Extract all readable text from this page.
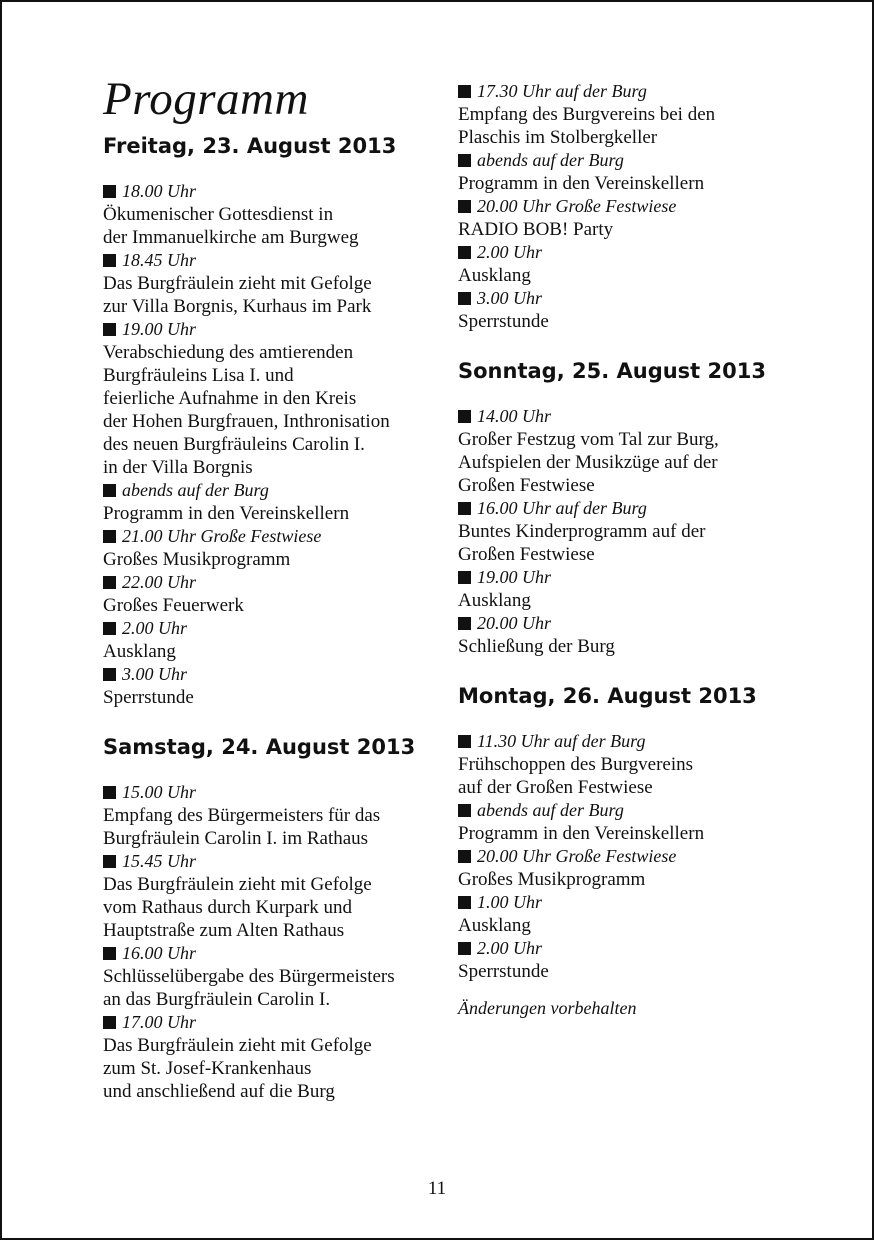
Programm
Freitag, 23. August 2013
18.00 Uhr
Ökumenischer Gottesdienst in
der Immanuelkirche am Burgweg
18.45 Uhr
Das Burgfräulein zieht mit Gefolge
zur Villa Borgnis, Kurhaus im Park
19.00 Uhr
Verabschiedung des amtierenden
Burgfräuleins Lisa I. und
feierliche Aufnahme in den Kreis
der Hohen Burgfrauen, Inthronisation
des neuen Burgfräuleins Carolin I.
in der Villa Borgnis
abends auf der Burg
Programm in den Vereinskellern
21.00 Uhr Große Festwiese
Großes Musikprogramm
22.00 Uhr
Großes Feuerwerk
2.00 Uhr
Ausklang
3.00 Uhr
Sperrstunde
Samstag, 24. August 2013
15.00 Uhr
Empfang des Bürgermeisters für das
Burgfräulein Carolin I. im Rathaus
15.45 Uhr
Das Burgfräulein zieht mit Gefolge
vom Rathaus durch Kurpark und
Hauptstraße zum Alten Rathaus
16.00 Uhr
Schlüsselübergabe des Bürgermeisters
an das Burgfräulein Carolin I.
17.00 Uhr
Das Burgfräulein zieht mit Gefolge
zum St. Josef-Krankenhaus
und anschließend auf die Burg
17.30 Uhr auf der Burg
Empfang des Burgvereins bei den
Plaschis im Stolbergkeller
abends auf der Burg
Programm in den Vereinskellern
20.00 Uhr Große Festwiese
RADIO BOB! Party
2.00 Uhr
Ausklang
3.00 Uhr
Sperrstunde
Sonntag, 25. August 2013
14.00 Uhr
Großer Festzug vom Tal zur Burg,
Aufspielen der Musikzüge auf der
Großen Festwiese
16.00 Uhr auf der Burg
Buntes Kinderprogramm auf der
Großen Festwiese
19.00 Uhr
Ausklang
20.00 Uhr
Schließung der Burg
Montag, 26. August 2013
11.30 Uhr auf der Burg
Frühschoppen des Burgvereins
auf der Großen Festwiese
abends auf der Burg
Programm in den Vereinskellern
20.00 Uhr Große Festwiese
Großes Musikprogramm
1.00 Uhr
Ausklang
2.00 Uhr
Sperrstunde
Änderungen vorbehalten
11
